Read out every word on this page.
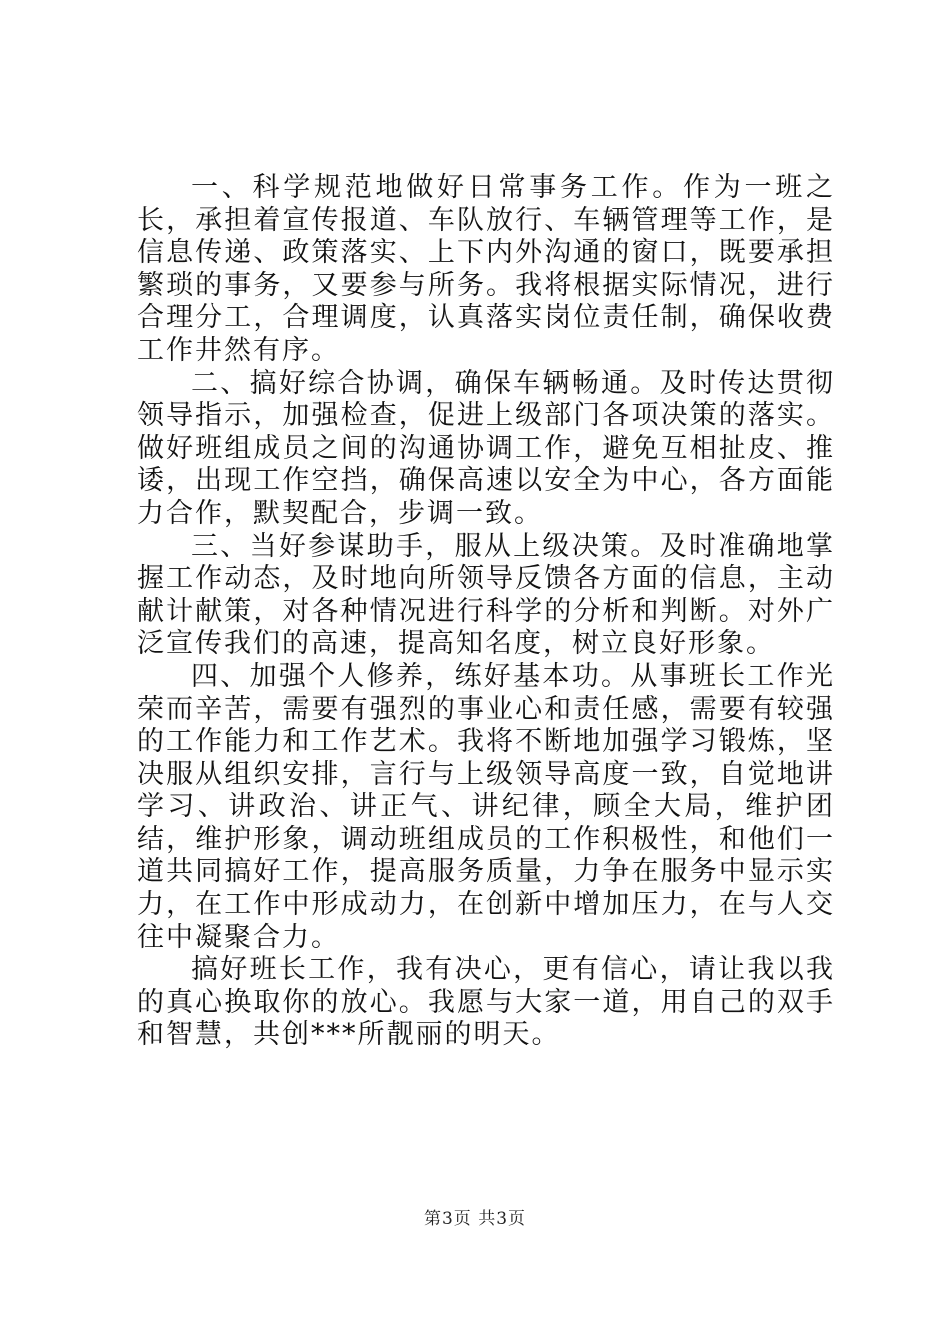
一、科学规范地做好日常事务工作。作为一班之长，承担着宣传报道、车队放行、车辆管理等工作，是信息传递、政策落实、上下内外沟通的窗口，既要承担繁琐的事务，又要参与所务。我将根据实际情况，进行合理分工，合理调度，认真落实岗位责任制，确保收费工作井然有序。

二、搞好综合协调，确保车辆畅通。及时传达贯彻领导指示，加强检查，促进上级部门各项决策的落实。做好班组成员之间的沟通协调工作，避免互相扯皮、推诿，出现工作空挡，确保高速以安全为中心，各方面能力合作，默契配合，步调一致。

三、当好参谋助手，服从上级决策。及时准确地掌握工作动态，及时地向所领导反馈各方面的信息，主动献计献策，对各种情况进行科学的分析和判断。对外广泛宣传我们的高速，提高知名度，树立良好形象。

四、加强个人修养，练好基本功。从事班长工作光荣而辛苦，需要有强烈的事业心和责任感，需要有较强的工作能力和工作艺术。我将不断地加强学习锻炼，坚决服从组织安排，言行与上级领导高度一致，自觉地讲学习、讲政治、讲正气、讲纪律，顾全大局，维护团结，维护形象，调动班组成员的工作积极性，和他们一道共同搞好工作，提高服务质量，力争在服务中显示实力，在工作中形成动力，在创新中增加压力，在与人交往中凝聚合力。

搞好班长工作，我有决心，更有信心，请让我以我的真心换取你的放心。我愿与大家一道，用自己的双手和智慧，共创***所靓丽的明天。

第3页 共3页
